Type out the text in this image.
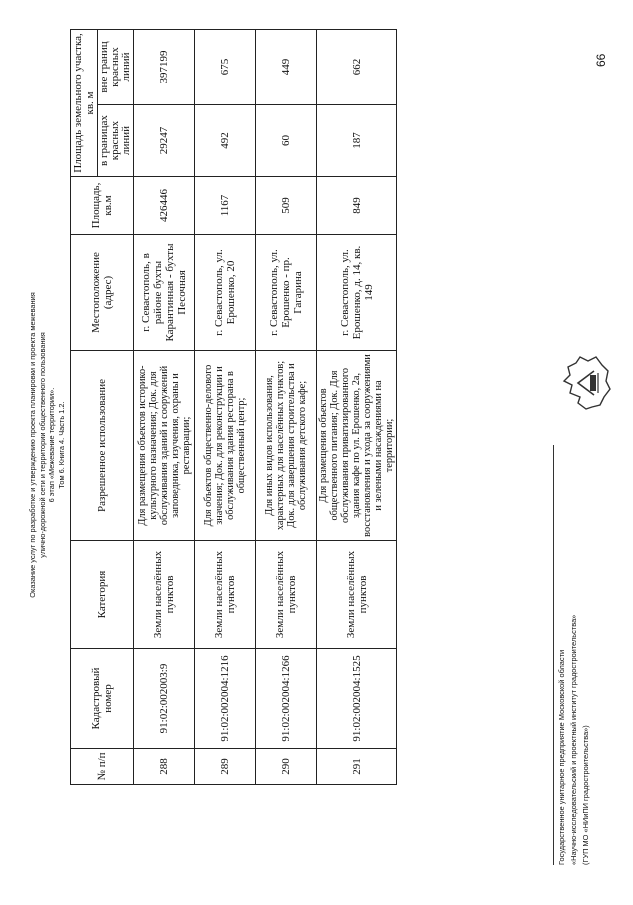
Оказание услуг по разработке и утверждению проекта планировки и проекта межевания улично-дорожной сети и территории общественного пользования 6 этап «Межевание территории». Том 6. Книга 4. Часть 1.2.
66
№ п/п	Кадастровый номер	Категория	Разрешенное использование	Местоположение (адрес)	Площадь, кв.м	Площадь земельного участка, кв. м	
						в границах красных линий	вне границ красных линий
288	91:02:002003:9	Земли населённых пунктов	Для размещения объектов историко-культурного назначения; Док. для обслуживания зданий и сооружений заповедника, изучения, охраны и реставрации;	г. Севастополь, в районе бухты Карантинная - бухты Песочная	426446	29247	397199
289	91:02:002004:1216	Земли населённых пунктов	Для объектов общественно-делового значения; Док. для реконструкции и обслуживания здания ресторана в общественный центр;	г. Севастополь, ул. Ерошенко, 20	1167	492	675
290	91:02:002004:1266	Земли населённых пунктов	Для иных видов использования, характерных для населённых пунктов; Док. для завершения строительства и обслуживания детского кафе;	г. Севастополь, ул. Ерошенко - пр. Гагарина	509	60	449
291	91:02:002004:1525	Земли населённых пунктов	Для размещения объектов общественного питания; Док. Для обслуживания приватизированного здания кафе по ул. Ерошенко, 2а, восстановления и ухода за сооружениями и зелеными насаждениями на территории;	г. Севастополь, ул. Ерошенко, д. 14, кв. 149	849	187	662
Государственное унитарное предприятие Московской области «Научно-исследовательский и проектный институт градостроительства» (ГУП МО «НИиПИ градостроительства»)
